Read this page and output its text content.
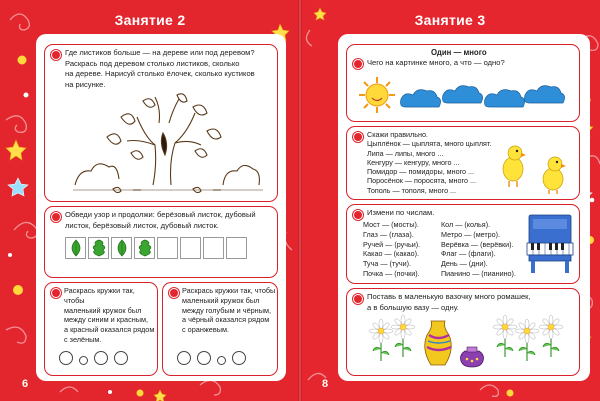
Занятие 2
Где листиков больше — на дереве или под деревом?
Раскрась под деревом столько листиков, сколько
на дереве. Нарисуй столько ёлочек, сколько кустиков
на рисунке.
Обведи узор и продолжи: берёзовый листок, дубовый
листок, берёзовый листок, дубовый листок.
Раскрась кружки так, чтобы
маленький кружок был
между синим и красным,
а красный оказался рядом
с зелёным.
Раскрась кружки так, чтобы
маленький кружок был
между голубым и чёрным,
а чёрный оказался рядом
с оранжевым.
6
Занятие 3
Один — много
Чего на картинке много, а что — одно?
Скажи правильно.
Цыплёнок — цыплята, много цыплят.
Липа — липы, много ...
Кенгуру — кенгуру, много ...
Помидор — помидоры, много ...
Поросёнок — поросята, много ...
Тополь — тополя, много ...
Измени по числам.
Мост — (мосты).
Глаз — (глаза).
Ручей — (ручьи).
Какао — (какао).
Туча — (тучи).
Почка — (почки).
Кол — (колья).
Метро — (метро).
Верёвка — (верёвки).
Флаг — (флаги).
День — (дни).
Пианино — (пианино).
Поставь в маленькую вазочку много ромашек,
а в большую вазу — одну.
8
